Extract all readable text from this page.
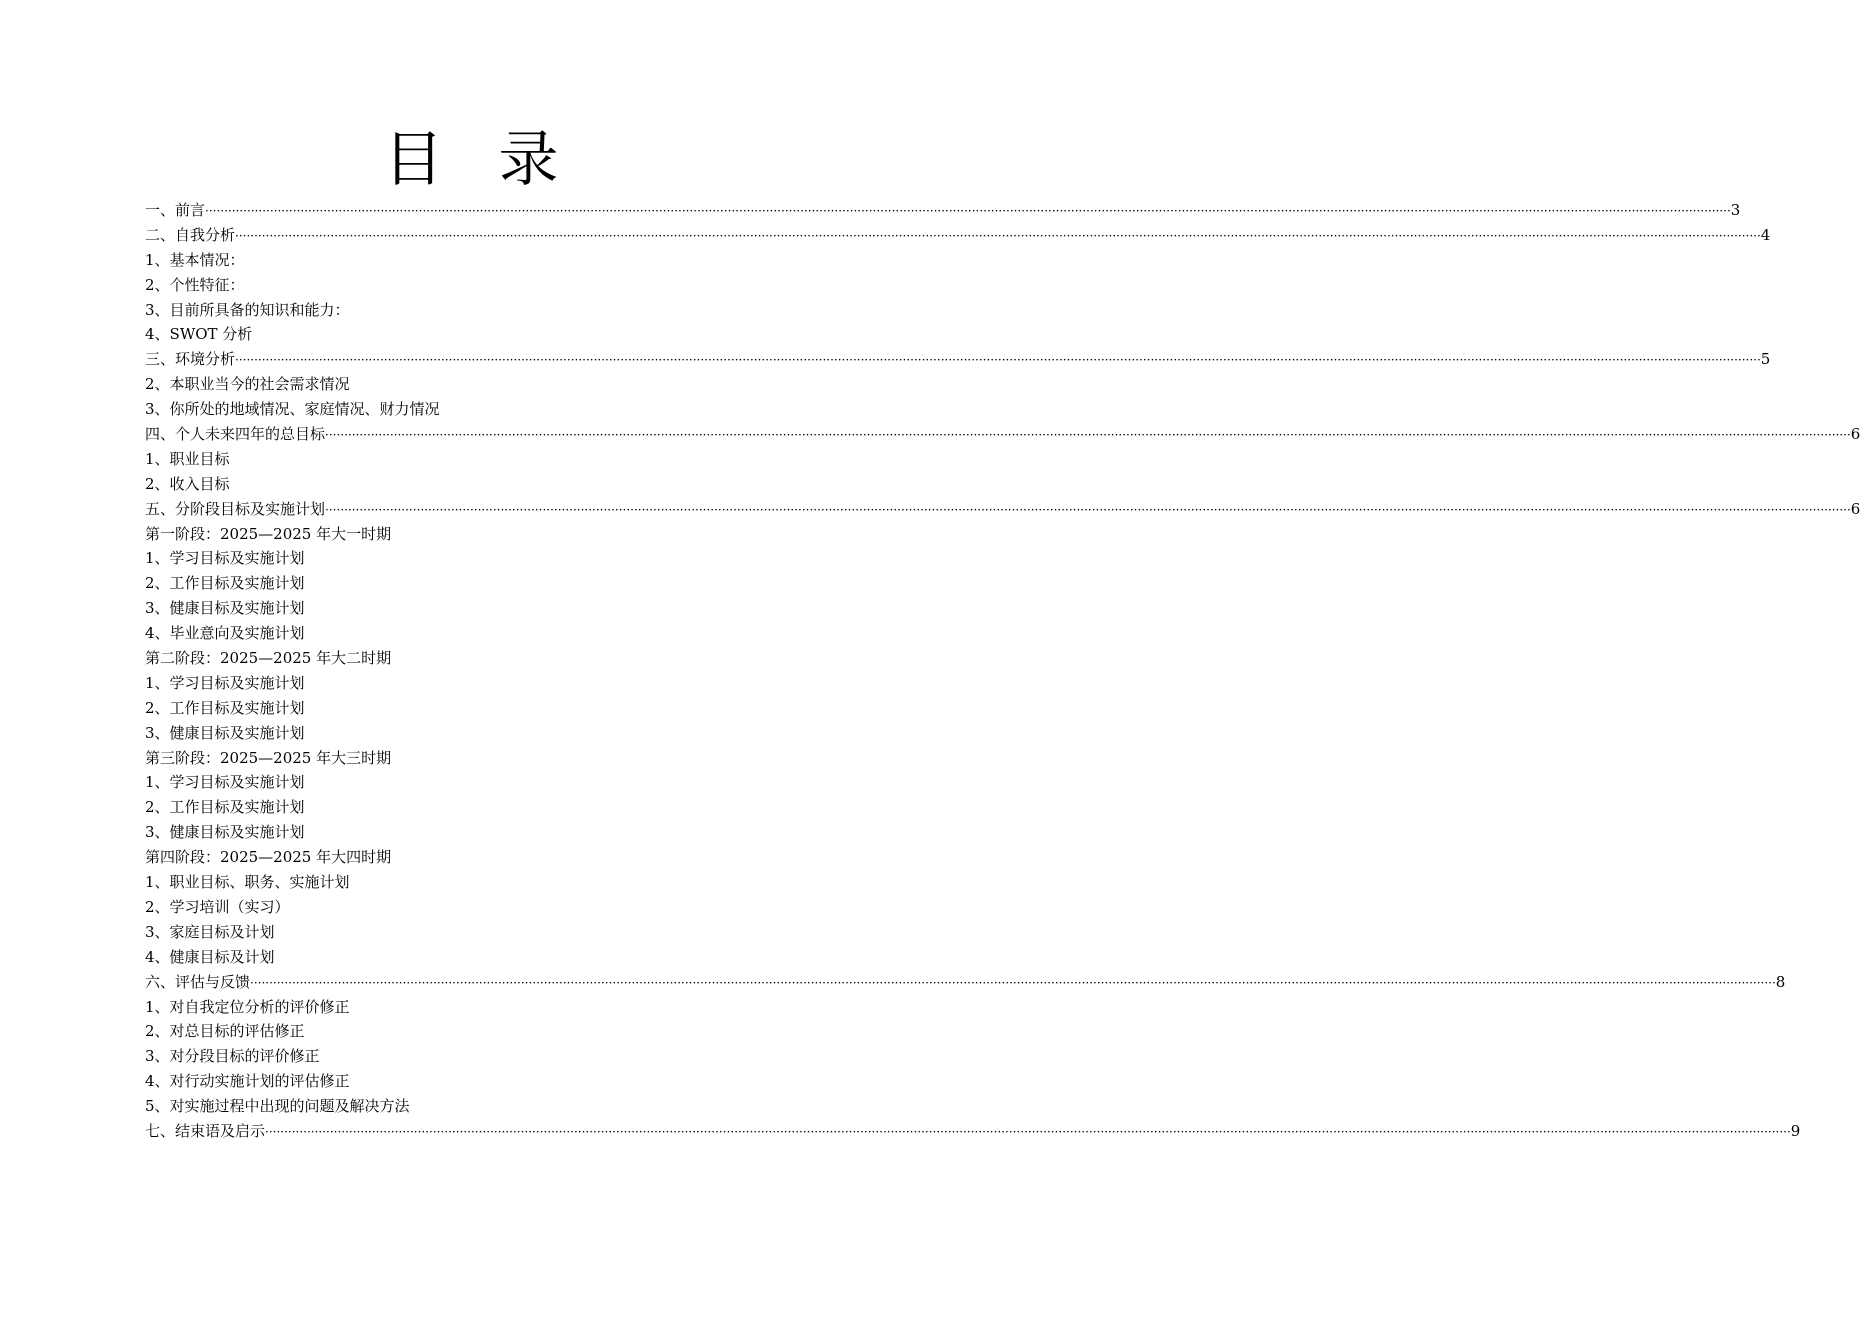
目 录
一、前言 ················································································································································································································································································································································································································ 3
二、自我分析 ················································································································································································································································································································································································································ 4
1、基本情况：
2、个性特征：
3、目前所具备的知识和能力：
4、SWOT 分析
三、环境分析 ················································································································································································································································································································································································································ 5
2、本职业当今的社会需求情况
3、你所处的地域情况、家庭情况、财力情况
四、个人未来四年的总目标 ················································································································································································································································································································································································································ 6
1、职业目标
2、收入目标
五、分阶段目标及实施计划 ················································································································································································································································································································································································································ 6
第一阶段：2025—2025 年大一时期
1、学习目标及实施计划
2、工作目标及实施计划
3、健康目标及实施计划
4、毕业意向及实施计划
第二阶段：2025—2025 年大二时期
1、学习目标及实施计划
2、工作目标及实施计划
3、健康目标及实施计划
第三阶段：2025—2025 年大三时期
1、学习目标及实施计划
2、工作目标及实施计划
3、健康目标及实施计划
第四阶段：2025—2025 年大四时期
1、职业目标、职务、实施计划
2、学习培训（实习）
3、家庭目标及计划
4、健康目标及计划
六、评估与反馈 ················································································································································································································································································································································································································ 8
1、对自我定位分析的评价修正
2、对总目标的评估修正
3、对分段目标的评价修正
4、对行动实施计划的评估修正
5、对实施过程中出现的问题及解决方法
七、结束语及启示 ················································································································································································································································································································································································································ 9
